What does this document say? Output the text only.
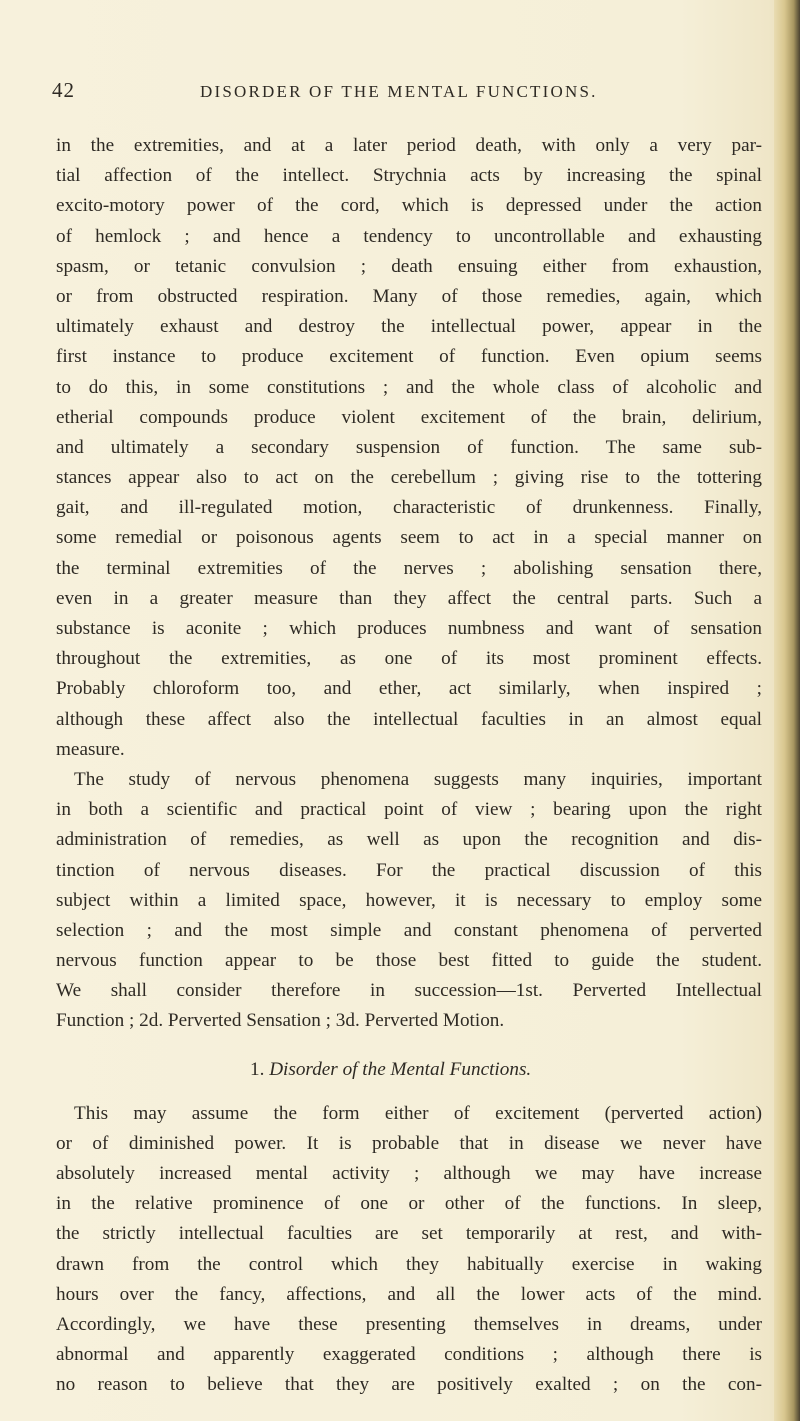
42	DISORDER OF THE MENTAL FUNCTIONS.
in the extremities, and at a later period death, with only a very par-
tial affection of the intellect. Strychnia acts by increasing the spinal
excito-motory power of the cord, which is depressed under the action
of hemlock ; and hence a tendency to uncontrollable and exhausting
spasm, or tetanic convulsion ; death ensuing either from exhaustion,
or from obstructed respiration. Many of those remedies, again, which
ultimately exhaust and destroy the intellectual power, appear in the
first instance to produce excitement of function. Even opium seems
to do this, in some constitutions ; and the whole class of alcoholic and
etherial compounds produce violent excitement of the brain, delirium,
and ultimately a secondary suspension of function. The same sub-
stances appear also to act on the cerebellum ; giving rise to the tottering
gait, and ill-regulated motion, characteristic of drunkenness. Finally,
some remedial or poisonous agents seem to act in a special manner on
the terminal extremities of the nerves ; abolishing sensation there,
even in a greater measure than they affect the central parts. Such a
substance is aconite ; which produces numbness and want of sensation
throughout the extremities, as one of its most prominent effects.
Probably chloroform too, and ether, act similarly, when inspired ;
although these affect also the intellectual faculties in an almost equal
measure.
The study of nervous phenomena suggests many inquiries, important
in both a scientific and practical point of view ; bearing upon the right
administration of remedies, as well as upon the recognition and dis-
tinction of nervous diseases. For the practical discussion of this
subject within a limited space, however, it is necessary to employ some
selection ; and the most simple and constant phenomena of perverted
nervous function appear to be those best fitted to guide the student.
We shall consider therefore in succession—1st. Perverted Intellectual
Function ; 2d. Perverted Sensation ; 3d. Perverted Motion.
1. Disorder of the Mental Functions.
This may assume the form either of excitement (perverted action)
or of diminished power. It is probable that in disease we never have
absolutely increased mental activity ; although we may have increase
in the relative prominence of one or other of the functions. In sleep,
the strictly intellectual faculties are set temporarily at rest, and with-
drawn from the control which they habitually exercise in waking
hours over the fancy, affections, and all the lower acts of the mind.
Accordingly, we have these presenting themselves in dreams, under
abnormal and apparently exaggerated conditions ; although there is
no reason to believe that they are positively exalted ; on the con-
